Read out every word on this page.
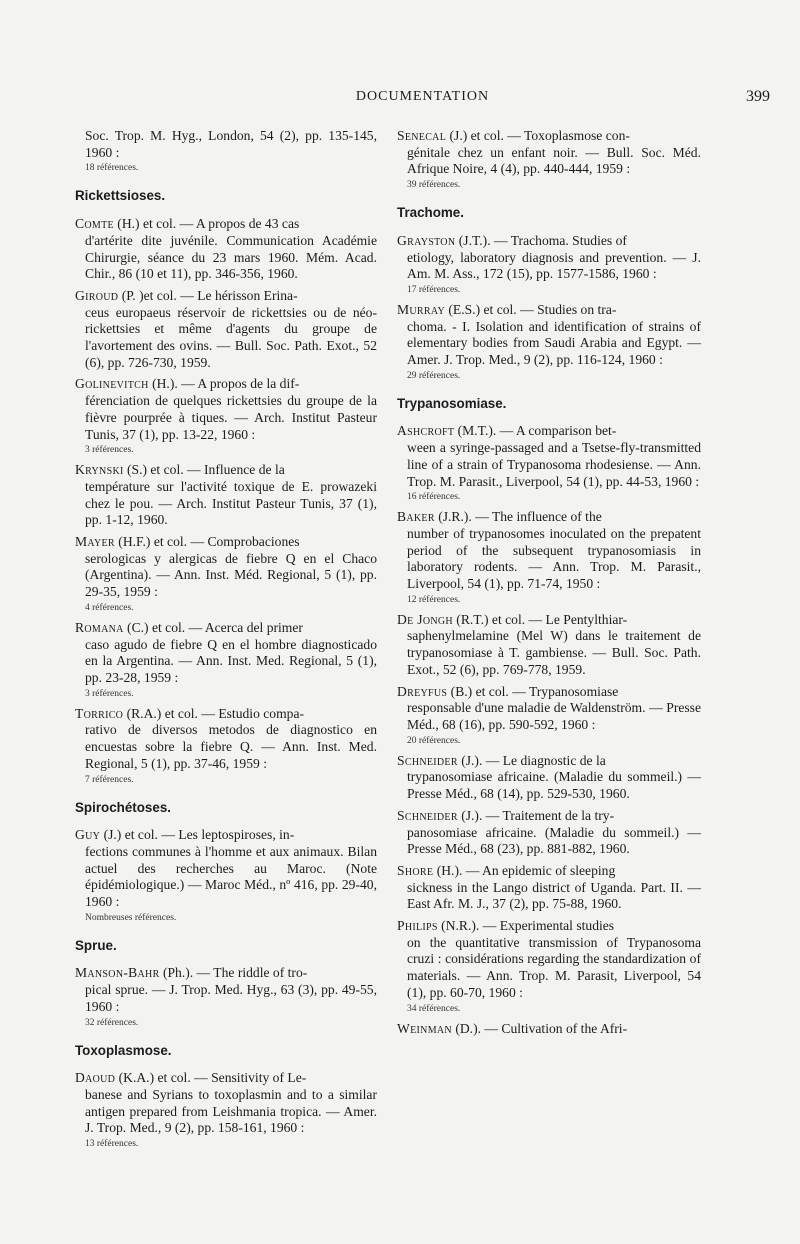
DOCUMENTATION	399
Soc. Trop. M. Hyg., London, 54 (2), pp. 135-145, 1960 :
18 références.
Rickettsioses.
Comte (H.) et col. — A propos de 43 cas
d'artérite dite juvénile. Communication Académie Chirurgie, séance du 23 mars 1960. Mém. Acad. Chir., 86 (10 et 11), pp. 346-356, 1960.
Giroud (P. )et col. — Le hérisson Erina-
ceus europaeus réservoir de rickettsies ou de néo-rickettsies et même d'agents du groupe de l'avortement des ovins. — Bull. Soc. Path. Exot., 52 (6), pp. 726-730, 1959.
Golinevitch (H.). — A propos de la dif-
férenciation de quelques rickettsies du groupe de la fièvre pourprée à tiques. — Arch. Institut Pasteur Tunis, 37 (1), pp. 13-22, 1960 :
3 références.
Krynski (S.) et col. — Influence de la
température sur l'activité toxique de E. prowazeki chez le pou. — Arch. Institut Pasteur Tunis, 37 (1), pp. 1-12, 1960.
Mayer (H.F.) et col. — Comprobaciones
serologicas y alergicas de fiebre Q en el Chaco (Argentina). — Ann. Inst. Méd. Regional, 5 (1), pp. 29-35, 1959 :
4 références.
Romana (C.) et col. — Acerca del primer
caso agudo de fiebre Q en el hombre diagnosticado en la Argentina. — Ann. Inst. Med. Regional, 5 (1), pp. 23-28, 1959 :
3 références.
Torrico (R.A.) et col. — Estudio compa-
rativo de diversos metodos de diagnostico en encuestas sobre la fiebre Q. — Ann. Inst. Med. Regional, 5 (1), pp. 37-46, 1959 :
7 références.
Spirochétoses.
Guy (J.) et col. — Les leptospiroses, in-
fections communes à l'homme et aux animaux. Bilan actuel des recherches au Maroc. (Note épidémiologique.) — Maroc Méd., nº 416, pp. 29-40, 1960 :
Nombreuses références.
Sprue.
Manson-Bahr (Ph.). — The riddle of tro-
pical sprue. — J. Trop. Med. Hyg., 63 (3), pp. 49-55, 1960 :
32 références.
Toxoplasmose.
Daoud (K.A.) et col. — Sensitivity of Le-
banese and Syrians to toxoplasmin and to a similar antigen prepared from Leishmania tropica. — Amer. J. Trop. Med., 9 (2), pp. 158-161, 1960 :
13 références.
Senecal (J.) et col. — Toxoplasmose con-
génitale chez un enfant noir. — Bull. Soc. Méd. Afrique Noire, 4 (4), pp. 440-444, 1959 :
39 références.
Trachome.
Grayston (J.T.). — Trachoma. Studies of
etiology, laboratory diagnosis and prevention. — J. Am. M. Ass., 172 (15), pp. 1577-1586, 1960 :
17 références.
Murray (E.S.) et col. — Studies on tra-
choma. - I. Isolation and identification of strains of elementary bodies from Saudi Arabia and Egypt. — Amer. J. Trop. Med., 9 (2), pp. 116-124, 1960 :
29 références.
Trypanosomiase.
Ashcroft (M.T.). — A comparison bet-
ween a syringe-passaged and a Tsetse-fly-transmitted line of a strain of Trypanosoma rhodesiense. — Ann. Trop. M. Parasit., Liverpool, 54 (1), pp. 44-53, 1960 :
16 références.
Baker (J.R.). — The influence of the
number of trypanosomes inoculated on the prepatent period of the subsequent trypanosomiasis in laboratory rodents. — Ann. Trop. M. Parasit., Liverpool, 54 (1), pp. 71-74, 1950 :
12 références.
De Jongh (R.T.) et col. — Le Pentylthiar-
saphenylmelamine (Mel W) dans le traitement de trypanosomiase à T. gambiense. — Bull. Soc. Path. Exot., 52 (6), pp. 769-778, 1959.
Dreyfus (B.) et col. — Trypanosomiase
responsable d'une maladie de Waldenström. — Presse Méd., 68 (16), pp. 590-592, 1960 :
20 références.
Schneider (J.). — Le diagnostic de la
trypanosomiase africaine. (Maladie du sommeil.) — Presse Méd., 68 (14), pp. 529-530, 1960.
Schneider (J.). — Traitement de la try-
panosomiase africaine. (Maladie du sommeil.) — Presse Méd., 68 (23), pp. 881-882, 1960.
Shore (H.). — An epidemic of sleeping
sickness in the Lango district of Uganda. Part. II. — East Afr. M. J., 37 (2), pp. 75-88, 1960.
Philips (N.R.). — Experimental studies
on the quantitative transmission of Trypanosoma cruzi : considérations regarding the standardization of materials. — Ann. Trop. M. Parasit, Liverpool, 54 (1), pp. 60-70, 1960 :
34 références.
Weinman (D.). — Cultivation of the Afri-
